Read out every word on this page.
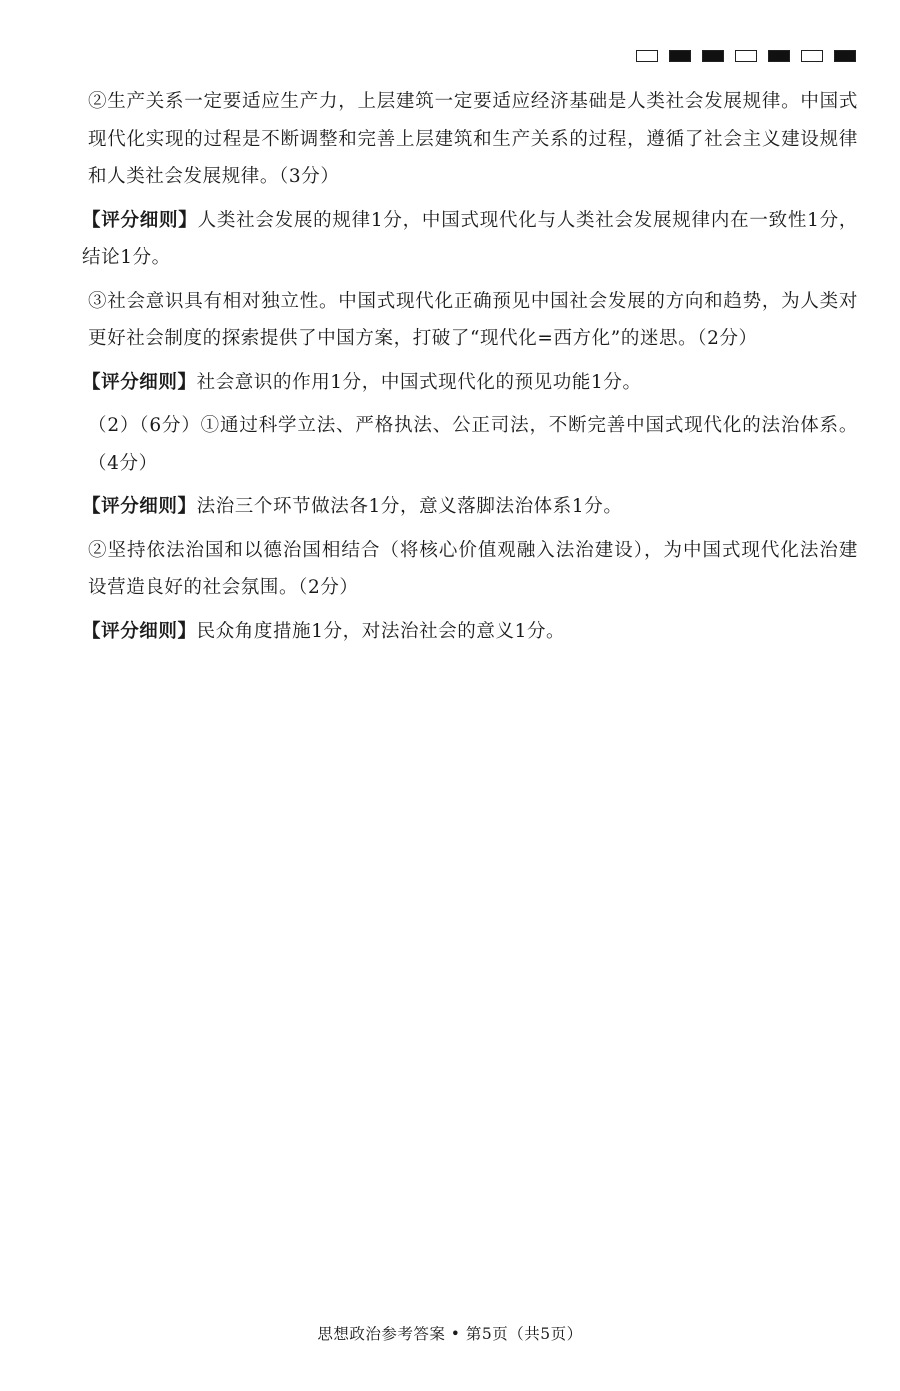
②生产关系一定要适应生产力，上层建筑一定要适应经济基础是人类社会发展规律。中国式现代化实现的过程是不断调整和完善上层建筑和生产关系的过程，遵循了社会主义建设规律和人类社会发展规律。（3分）

【评分细则】人类社会发展的规律1分，中国式现代化与人类社会发展规律内在一致性1分，结论1分。

③社会意识具有相对独立性。中国式现代化正确预见中国社会发展的方向和趋势，为人类对更好社会制度的探索提供了中国方案，打破了“现代化=西方化”的迷思。（2分）

【评分细则】社会意识的作用1分，中国式现代化的预见功能1分。

（2）（6分）①通过科学立法、严格执法、公正司法，不断完善中国式现代化的法治体系。（4分）

【评分细则】法治三个环节做法各1分，意义落脚法治体系1分。

②坚持依法治国和以德治国相结合（将核心价值观融入法治建设），为中国式现代化法治建设营造良好的社会氛围。（2分）

【评分细则】民众角度措施1分，对法治社会的意义1分。

思想政治参考答案 • 第5页（共5页）
